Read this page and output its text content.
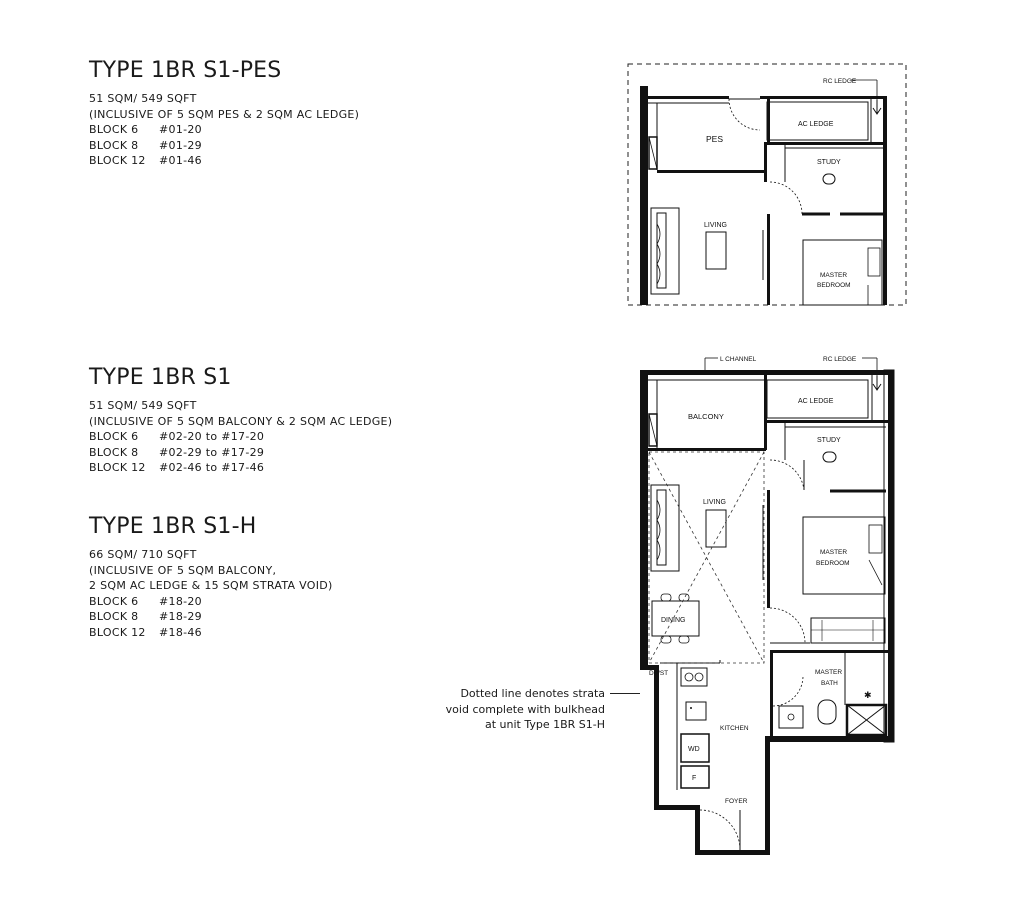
TYPE 1BR S1-PES
51 SQM/ 549 SQFT
(INCLUSIVE OF 5 SQM PES & 2 SQM AC LEDGE)
BLOCK 6	#01-20
BLOCK 8	#01-29
BLOCK 12	#01-46
TYPE 1BR S1
51 SQM/ 549 SQFT
(INCLUSIVE OF 5 SQM BALCONY & 2 SQM AC LEDGE)
BLOCK 6	#02-20 to #17-20
BLOCK 8	#02-29 to #17-29
BLOCK 12	#02-46 to #17-46
TYPE 1BR S1-H
66 SQM/ 710 SQFT
(INCLUSIVE OF 5 SQM BALCONY,
2 SQM AC LEDGE & 15 SQM STRATA VOID)
BLOCK 6	#18-20
BLOCK 8	#18-29
BLOCK 12	#18-46
Dotted line denotes strata
void complete with bulkhead
at unit Type 1BR S1-H
PES
AC LEDGE
STUDY
LIVING
MASTER
BEDROOM
RC LEDGE
L CHANNEL	RC LEDGE
✱
BALCONY
AC LEDGE
STUDY
LIVING
MASTER
BEDROOM
DINING
DB/ST	MASTER
BATH
KITCHEN
WD
F
FOYER
